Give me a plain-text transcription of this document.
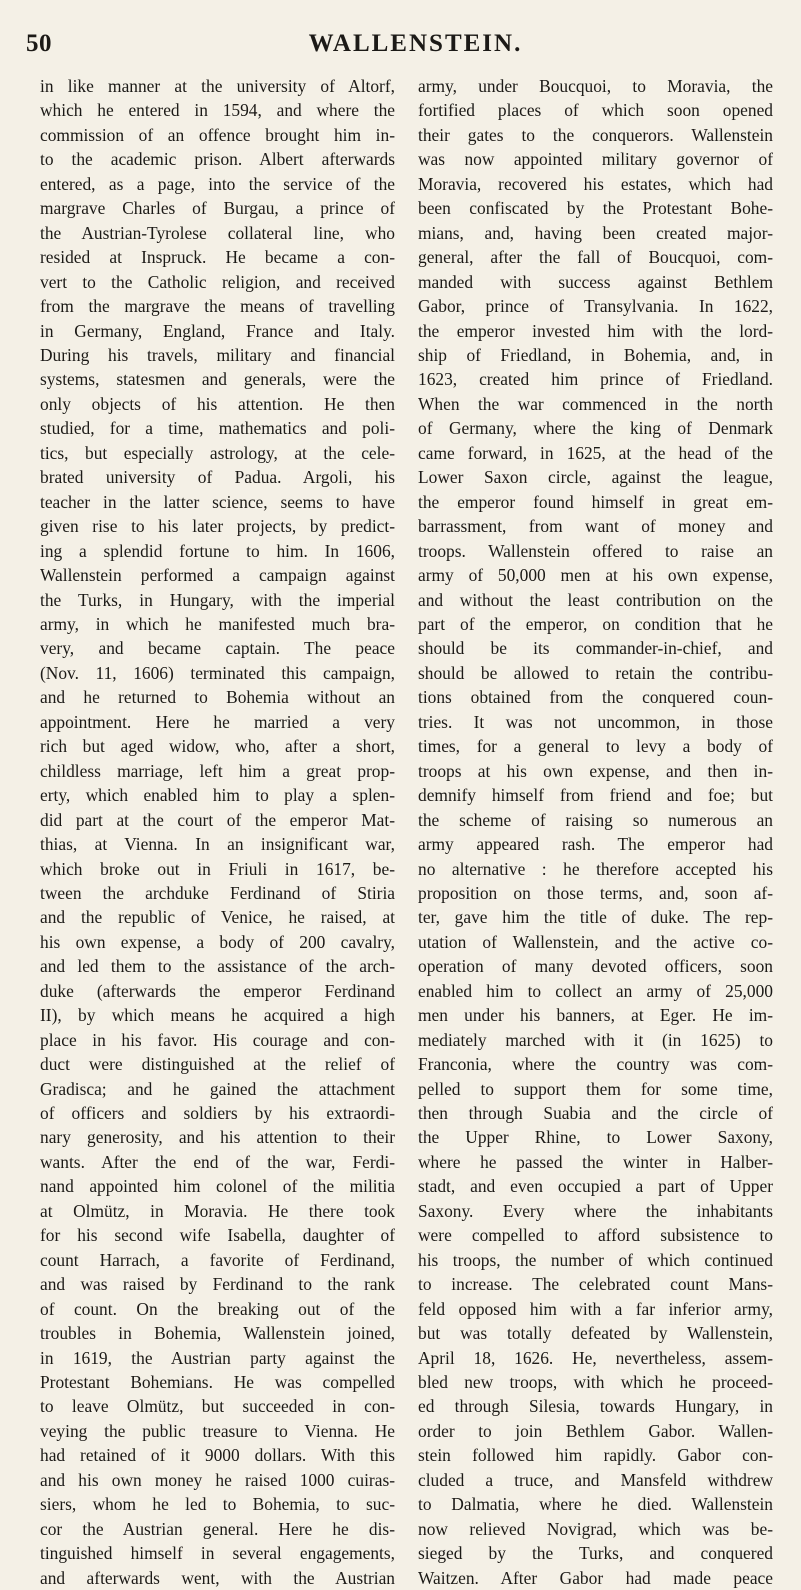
50	WALLENSTEIN.
in like manner at the university of Altorf,
which he entered in 1594, and where the
commission of an offence brought him in-
to the academic prison. Albert afterwards
entered, as a page, into the service of the
margrave Charles of Burgau, a prince of
the Austrian-Tyrolese collateral line, who
resided at Inspruck. He became a con-
vert to the Catholic religion, and received
from the margrave the means of travelling
in Germany, England, France and Italy.
During his travels, military and financial
systems, statesmen and generals, were the
only objects of his attention. He then
studied, for a time, mathematics and poli-
tics, but especially astrology, at the cele-
brated university of Padua. Argoli, his
teacher in the latter science, seems to have
given rise to his later projects, by predict-
ing a splendid fortune to him. In 1606,
Wallenstein performed a campaign against
the Turks, in Hungary, with the imperial
army, in which he manifested much bra-
very, and became captain. The peace
(Nov. 11, 1606) terminated this campaign,
and he returned to Bohemia without an
appointment. Here he married a very
rich but aged widow, who, after a short,
childless marriage, left him a great prop-
erty, which enabled him to play a splen-
did part at the court of the emperor Mat-
thias, at Vienna. In an insignificant war,
which broke out in Friuli in 1617, be-
tween the archduke Ferdinand of Stiria
and the republic of Venice, he raised, at
his own expense, a body of 200 cavalry,
and led them to the assistance of the arch-
duke (afterwards the emperor Ferdinand
II), by which means he acquired a high
place in his favor. His courage and con-
duct were distinguished at the relief of
Gradisca; and he gained the attachment
of officers and soldiers by his extraordi-
nary generosity, and his attention to their
wants. After the end of the war, Ferdi-
nand appointed him colonel of the militia
at Olmütz, in Moravia. He there took
for his second wife Isabella, daughter of
count Harrach, a favorite of Ferdinand,
and was raised by Ferdinand to the rank
of count. On the breaking out of the
troubles in Bohemia, Wallenstein joined,
in 1619, the Austrian party against the
Protestant Bohemians. He was compelled
to leave Olmütz, but succeeded in con-
veying the public treasure to Vienna. He
had retained of it 9000 dollars. With this
and his own money he raised 1000 cuiras-
siers, whom he led to Bohemia, to suc-
cor the Austrian general. Here he dis-
tinguished himself in several engagements,
and afterwards went, with the Austrian
army, under Boucquoi, to Moravia, the
fortified places of which soon opened
their gates to the conquerors. Wallenstein
was now appointed military governor of
Moravia, recovered his estates, which had
been confiscated by the Protestant Bohe-
mians, and, having been created major-
general, after the fall of Boucquoi, com-
manded with success against Bethlem
Gabor, prince of Transylvania. In 1622,
the emperor invested him with the lord-
ship of Friedland, in Bohemia, and, in
1623, created him prince of Friedland.
When the war commenced in the north
of Germany, where the king of Denmark
came forward, in 1625, at the head of the
Lower Saxon circle, against the league,
the emperor found himself in great em-
barrassment, from want of money and
troops. Wallenstein offered to raise an
army of 50,000 men at his own expense,
and without the least contribution on the
part of the emperor, on condition that he
should be its commander-in-chief, and
should be allowed to retain the contribu-
tions obtained from the conquered coun-
tries. It was not uncommon, in those
times, for a general to levy a body of
troops at his own expense, and then in-
demnify himself from friend and foe; but
the scheme of raising so numerous an
army appeared rash. The emperor had
no alternative : he therefore accepted his
proposition on those terms, and, soon af-
ter, gave him the title of duke. The rep-
utation of Wallenstein, and the active co-
operation of many devoted officers, soon
enabled him to collect an army of 25,000
men under his banners, at Eger. He im-
mediately marched with it (in 1625) to
Franconia, where the country was com-
pelled to support them for some time,
then through Suabia and the circle of
the Upper Rhine, to Lower Saxony,
where he passed the winter in Halber-
stadt, and even occupied a part of Upper
Saxony. Every where the inhabitants
were compelled to afford subsistence to
his troops, the number of which continued
to increase. The celebrated count Mans-
feld opposed him with a far inferior army,
but was totally defeated by Wallenstein,
April 18, 1626. He, nevertheless, assem-
bled new troops, with which he proceed-
ed through Silesia, towards Hungary, in
order to join Bethlem Gabor. Wallen-
stein followed him rapidly. Gabor con-
cluded a truce, and Mansfeld withdrew
to Dalmatia, where he died. Wallenstein
now relieved Novigrad, which was be-
sieged by the Turks, and conquered
Waitzen. After Gabor had made peace
